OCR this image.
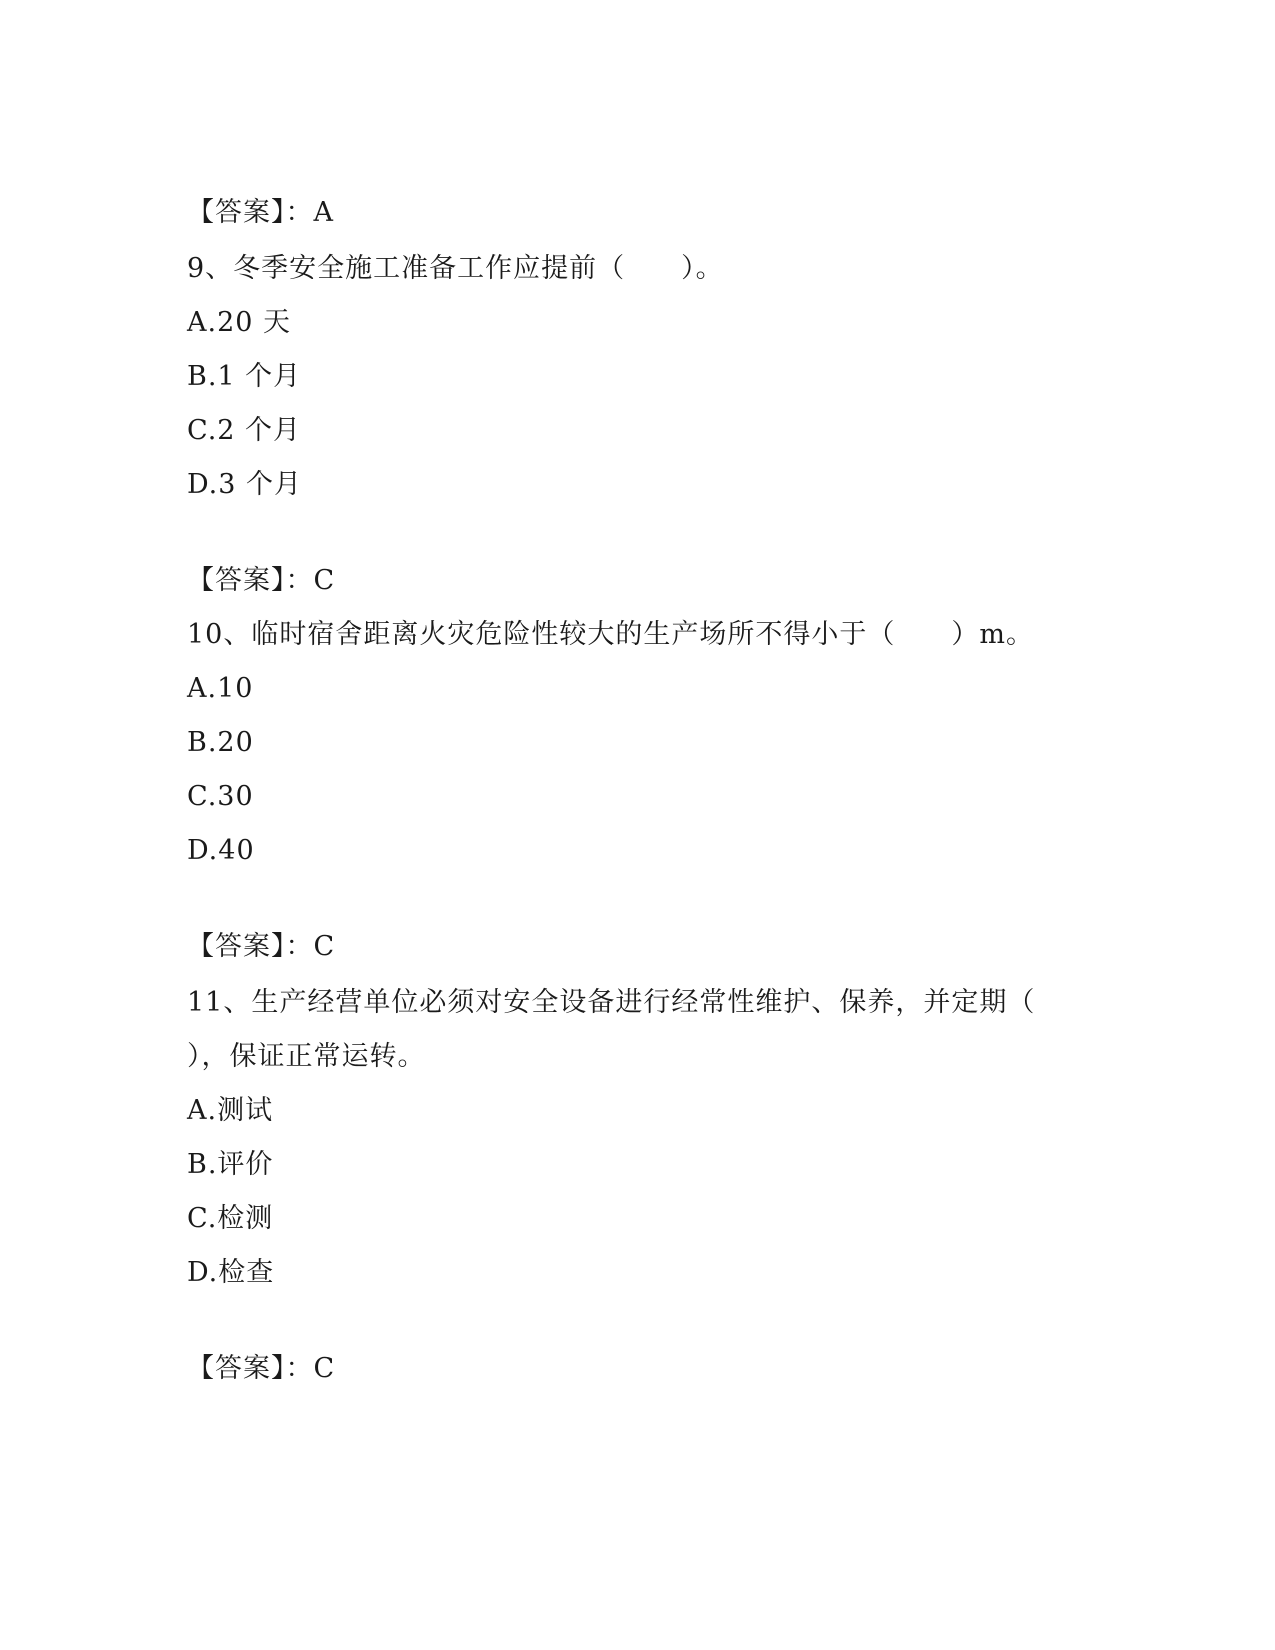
【答案】：A
9、冬季安全施工准备工作应提前（　　）。
A.20 天
B.1 个月
C.2 个月
D.3 个月
【答案】：C
10、临时宿舍距离火灾危险性较大的生产场所不得小于（　　）m。
A.10
B.20
C.30
D.40
【答案】：C
11、生产经营单位必须对安全设备进行经常性维护、保养，并定期（
），保证正常运转。
A.测试
B.评价
C.检测
D.检查
【答案】：C
